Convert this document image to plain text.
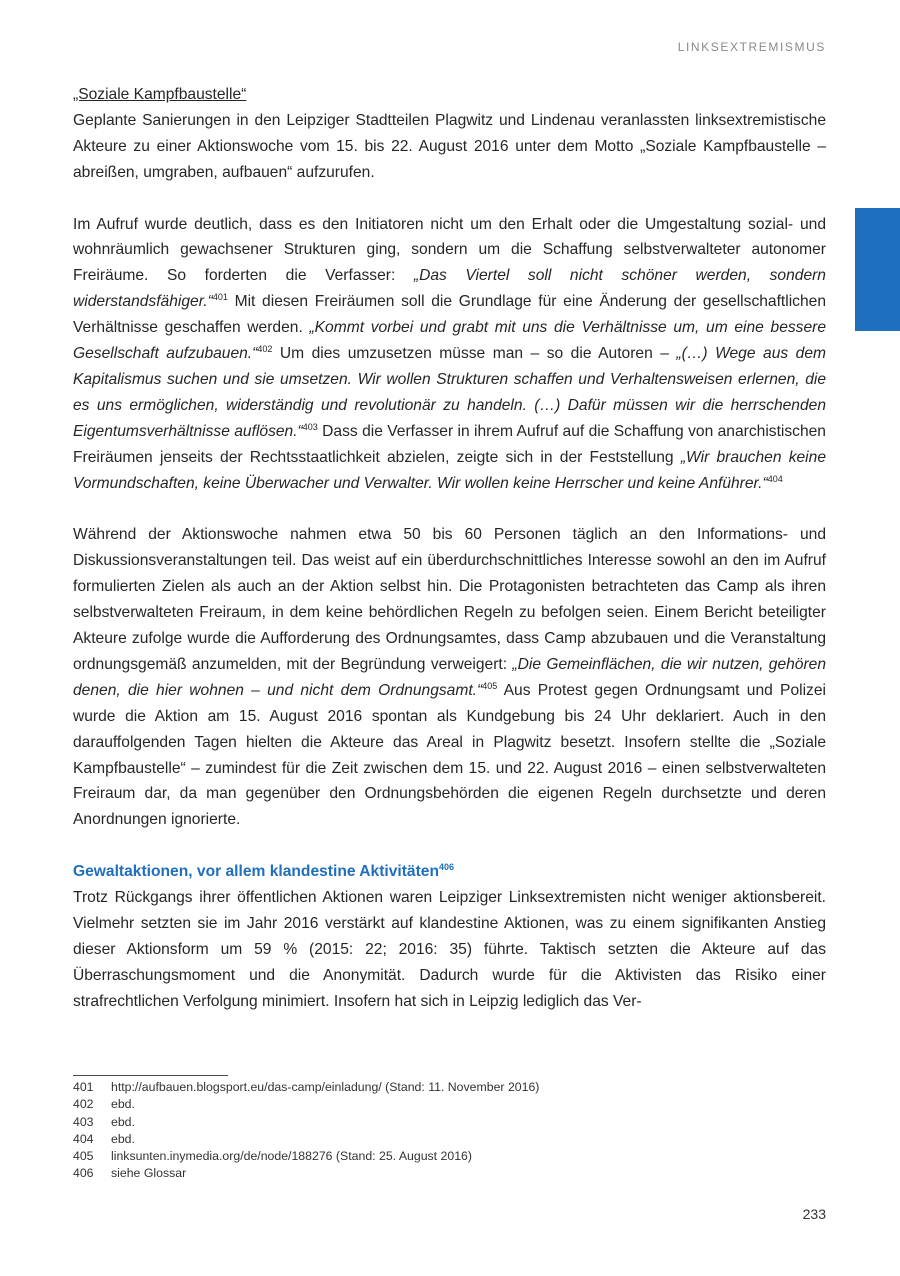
LINKSEXTREMISMUS

„Soziale Kampfbaustelle“

Geplante Sanierungen in den Leipziger Stadtteilen Plagwitz und Lindenau veranlassten linksextremistische Akteure zu einer Aktionswoche vom 15. bis 22. August 2016 unter dem Motto „Soziale Kampfbaustelle – abreißen, umgraben, aufbauen“ aufzurufen.

Im Aufruf wurde deutlich, dass es den Initiatoren nicht um den Erhalt oder die Umgestaltung sozial- und wohnräumlich gewachsener Strukturen ging, sondern um die Schaffung selbstverwalteter autonomer Freiräume. So forderten die Verfasser: „Das Viertel soll nicht schöner werden, sondern widerstandsfähiger.“$^{401}$ Mit diesen Freiräumen soll die Grundlage für eine Änderung der gesellschaftlichen Verhältnisse geschaffen werden. „Kommt vorbei und grabt mit uns die Verhältnisse um, um eine bessere Gesellschaft aufzubauen.“$^{402}$ Um dies umzusetzen müsse man – so die Autoren – „(…) Wege aus dem Kapitalismus suchen und sie umsetzen. Wir wollen Strukturen schaffen und Verhaltensweisen erlernen, die es uns ermöglichen, widerständig und revolutionär zu handeln. (…) Dafür müssen wir die herrschenden Eigentumsverhältnisse auflösen.“$^{403}$ Dass die Verfasser in ihrem Aufruf auf die Schaffung von anarchistischen Freiräumen jenseits der Rechtsstaatlichkeit abzielen, zeigte sich in der Feststellung „Wir brauchen keine Vormundschaften, keine Überwacher und Verwalter. Wir wollen keine Herrscher und keine Anführer.“$^{404}$

Während der Aktionswoche nahmen etwa 50 bis 60 Personen täglich an den Informations- und Diskussionsveranstaltungen teil. Das weist auf ein überdurchschnittliches Interesse sowohl an den im Aufruf formulierten Zielen als auch an der Aktion selbst hin. Die Protagonisten betrachteten das Camp als ihren selbstverwalteten Freiraum, in dem keine behördlichen Regeln zu befolgen seien. Einem Bericht beteiligter Akteure zufolge wurde die Aufforderung des Ordnungsamtes, dass Camp abzubauen und die Veranstaltung ordnungsgemäß anzumelden, mit der Begründung verweigert: „Die Gemeinflächen, die wir nutzen, gehören denen, die hier wohnen – und nicht dem Ordnungsamt.“$^{405}$ Aus Protest gegen Ordnungsamt und Polizei wurde die Aktion am 15. August 2016 spontan als Kundgebung bis 24 Uhr deklariert. Auch in den darauffolgenden Tagen hielten die Akteure das Areal in Plagwitz besetzt. Insofern stellte die „Soziale Kampfbaustelle“ – zumindest für die Zeit zwischen dem 15. und 22. August 2016 – einen selbstverwalteten Freiraum dar, da man gegenüber den Ordnungsbehörden die eigenen Regeln durchsetzte und deren Anordnungen ignorierte.

Gewaltaktionen, vor allem klandestine Aktivitäten$^{406}$

Trotz Rückgangs ihrer öffentlichen Aktionen waren Leipziger Linksextremisten nicht weniger aktionsbereit. Vielmehr setzten sie im Jahr 2016 verstärkt auf klandestine Aktionen, was zu einem signifikanten Anstieg dieser Aktionsform um 59 % (2015: 22; 2016: 35) führte. Taktisch setzten die Akteure auf das Überraschungsmoment und die Anonymität. Dadurch wurde für die Aktivisten das Risiko einer strafrechtlichen Verfolgung minimiert. Insofern hat sich in Leipzig lediglich das Ver-

401	http://aufbauen.blogsport.eu/das-camp/einladung/ (Stand: 11. November 2016)
402	ebd.
403	ebd.
404	ebd.
405	linksunten.inymedia.org/de/node/188276 (Stand: 25. August 2016)
406	siehe Glossar
233
